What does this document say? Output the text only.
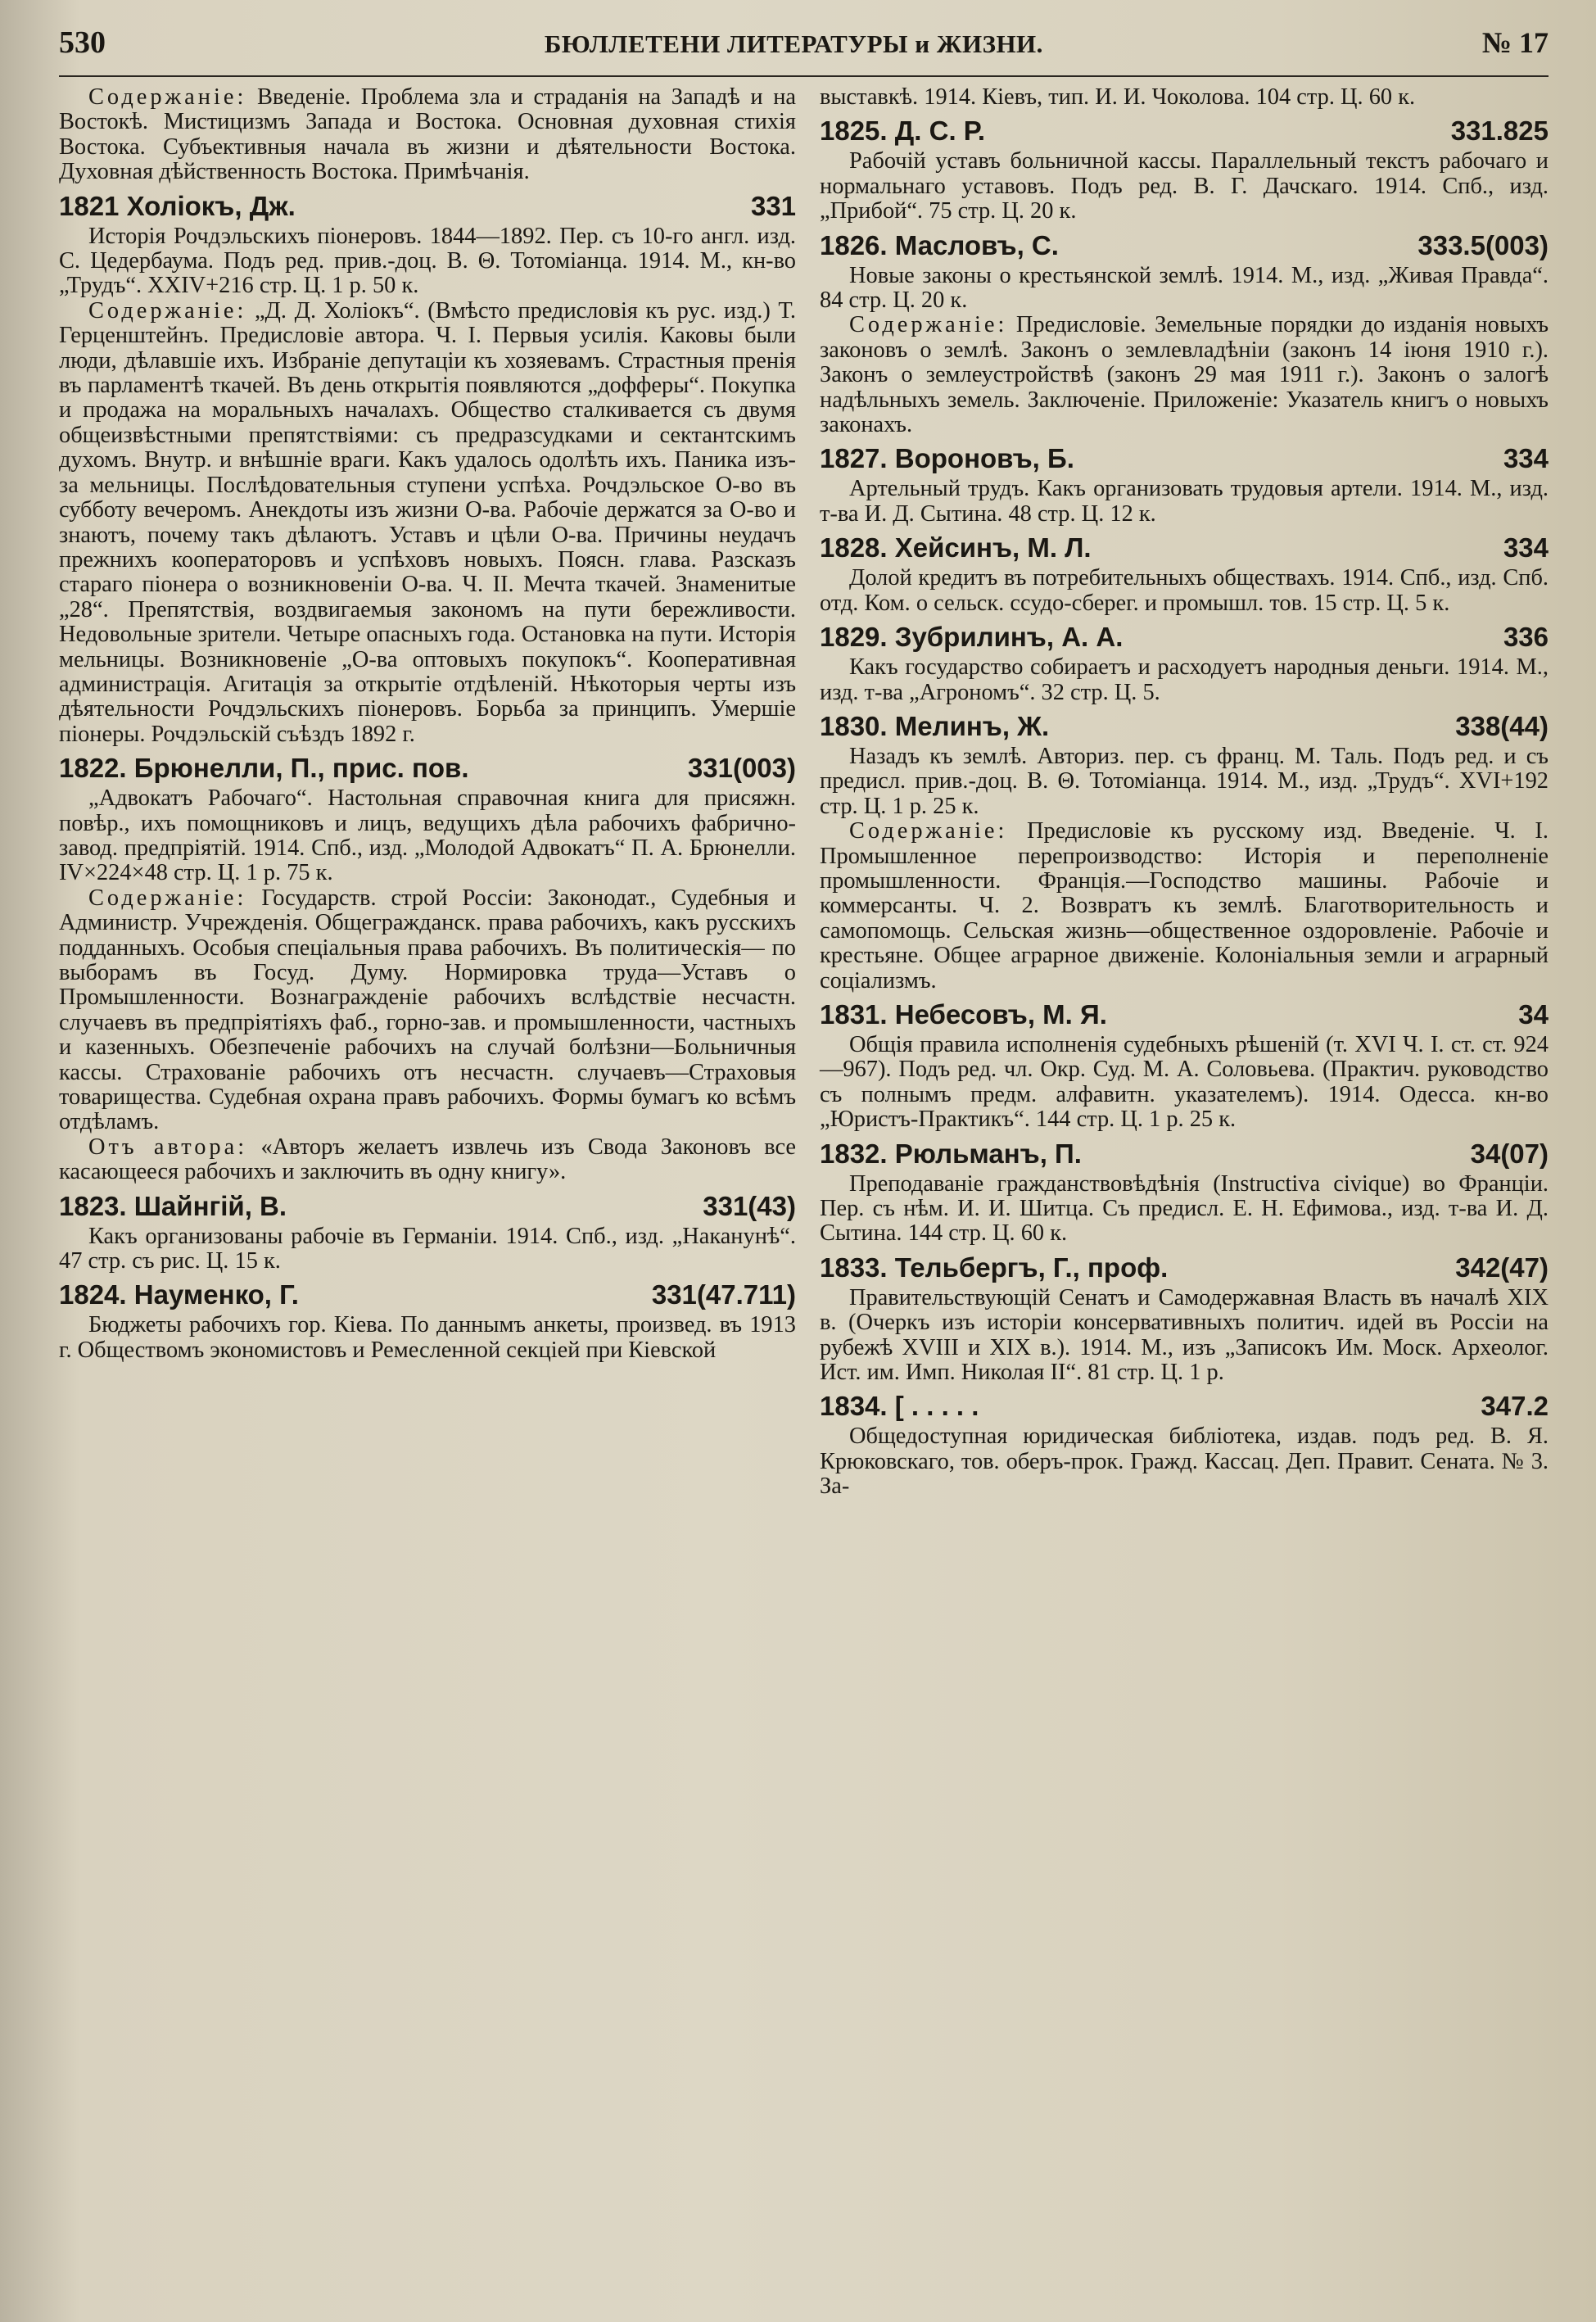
530	БЮЛЛЕТЕНИ ЛИТЕРАТУРЫ и ЖИЗНИ.	№ 17

Содержаніе: Введеніе. Проблема зла и страданія на Западѣ и на Востокѣ. Мистицизмъ Запада и Востока. Основная духовная стихія Востока. Субъективныя начала въ жизни и дѣятельности Востока. Духовная дѣйственность Востока. Примѣчанія.

1821 Холіокъ, Дж.	331

Исторія Рочдэльскихъ піонеровъ. 1844—1892. Пер. съ 10-го англ. изд. С. Цедербаума. Подъ ред. прив.-доц. В. Θ. Тотоміанца. 1914. М., кн-во „Трудъ“. XXIV+216 стр. Ц. 1 р. 50 к.

Содержаніе: „Д. Д. Холіокъ“. (Вмѣсто предисловія къ рус. изд.) Т. Герценштейнъ. Предисловіе автора. Ч. I. Первыя усилія. Каковы были люди, дѣлавшіе ихъ. Избраніе депутаціи къ хозяевамъ. Страстныя пренія въ парламентѣ ткачей. Въ день открытія появляются „дофферы“. Покупка и продажа на моральныхъ началахъ. Общество сталкивается съ двумя общеизвѣстными препятствіями: съ предразсудками и сектантскимъ духомъ. Внутр. и внѣшніе враги. Какъ удалось одолѣть ихъ. Паника изъ-за мельницы. Послѣдовательныя ступени успѣха. Рочдэльское О-во въ субботу вечеромъ. Анекдоты изъ жизни О-ва. Рабочіе держатся за О-во и знаютъ, почему такъ дѣлаютъ. Уставъ и цѣли О-ва. Причины неудачъ прежнихъ кооператоровъ и успѣховъ новыхъ. Поясн. глава. Разсказъ стараго піонера о возникновеніи О-ва. Ч. II. Мечта ткачей. Знаменитые „28“. Препятствія, воздвигаемыя закономъ на пути бережливости. Недовольные зрители. Четыре опасныхъ года. Остановка на пути. Исторія мельницы. Возникновеніе „О-ва оптовыхъ покупокъ“. Кооперативная администрація. Агитація за открытіе отдѣленій. Нѣкоторыя черты изъ дѣятельности Рочдэльскихъ піонеровъ. Борьба за принципъ. Умершіе піонеры. Рочдэльскій съѣздъ 1892 г.

1822. Брюнелли, П., прис. пов.	331(003)

„Адвокатъ Рабочаго“. Настольная справочная книга для присяжн. повѣр., ихъ помощниковъ и лицъ, ведущихъ дѣла рабочихъ фабрично-завод. предпріятій. 1914. Спб., изд. „Молодой Адвокатъ“ П. А. Брюнелли. IV×224×48 стр. Ц. 1 р. 75 к.

Содержаніе: Государств. строй Россіи: Законодат., Судебныя и Администр. Учрежденія. Общегражданск. права рабочихъ, какъ русскихъ подданныхъ. Особыя спеціальныя права рабочихъ. Въ политическія— по выборамъ въ Госуд. Думу. Нормировка труда—Уставъ о Промышленности. Вознагражденіе рабочихъ вслѣдствіе несчастн. случаевъ въ предпріятіяхъ фаб., горно-зав. и промышленности, частныхъ и казенныхъ. Обезпеченіе рабочихъ на случай болѣзни—Больничныя кассы. Страхованіе рабочихъ отъ несчастн. случаевъ—Страховыя товарищества. Судебная охрана правъ рабочихъ. Формы бумагъ ко всѣмъ отдѣламъ.

Отъ автора: «Авторъ желаетъ извлечь изъ Свода Законовъ все касающееся рабочихъ и заключить въ одну книгу».

1823. Шайнгій, В.	331(43)

Какъ организованы рабочіе въ Германіи. 1914. Спб., изд. „Наканунѣ“. 47 стр. съ рис. Ц. 15 к.

1824. Науменко, Г.	331(47.711)

Бюджеты рабочихъ гор. Кіева. По даннымъ анкеты, произвед. въ 1913 г. Обществомъ экономистовъ и Ремесленной секціей при Кіевской

выставкѣ. 1914. Кіевъ, тип. И. И. Чоколова. 104 стр. Ц. 60 к.

1825. Д. С. Р.	331.825

Рабочій уставъ больничной кассы. Параллельный текстъ рабочаго и нормальнаго уставовъ. Подъ ред. В. Г. Дачскаго. 1914. Спб., изд. „Прибой“. 75 стр. Ц. 20 к.

1826. Масловъ, С.	333.5(003)

Новые законы о крестьянской землѣ. 1914. М., изд. „Живая Правда“. 84 стр. Ц. 20 к.

Содержаніе: Предисловіе. Земельные порядки до изданія новыхъ законовъ о землѣ. Законъ о землевладѣніи (законъ 14 іюня 1910 г.). Законъ о землеустройствѣ (законъ 29 мая 1911 г.). Законъ о залогѣ надѣльныхъ земель. Заключеніе. Приложеніе: Указатель книгъ о новыхъ законахъ.

1827. Вороновъ, Б.	334

Артельный трудъ. Какъ организовать трудовыя артели. 1914. М., изд. т-ва И. Д. Сытина. 48 стр. Ц. 12 к.

1828. Хейсинъ, М. Л.	334

Долой кредитъ въ потребительныхъ обществахъ. 1914. Спб., изд. Спб. отд. Ком. о сельск. ссудо-сберег. и промышл. тов. 15 стр. Ц. 5 к.

1829. Зубрилинъ, А. А.	336

Какъ государство собираетъ и расходуетъ народныя деньги. 1914. М., изд. т-ва „Агрономъ“. 32 стр. Ц. 5.

1830. Мелинъ, Ж.	338(44)

Назадъ къ землѣ. Авториз. пер. съ франц. М. Таль. Подъ ред. и съ предисл. прив.-доц. В. Θ. Тотоміанца. 1914. М., изд. „Трудъ“. XVI+192 стр. Ц. 1 р. 25 к.

Содержаніе: Предисловіе къ русскому изд. Введеніе. Ч. I. Промышленное перепроизводство: Исторія и переполненіе промышленности. Франція.—Господство машины. Рабочіе и коммерсанты. Ч. 2. Возвратъ къ землѣ. Благотворительность и самопомощь. Сельская жизнь—общественное оздоровленіе. Рабочіе и крестьяне. Общее аграрное движеніе. Колоніальныя земли и аграрный соціализмъ.

1831. Небесовъ, М. Я.	34

Общія правила исполненія судебныхъ рѣшеній (т. XVI Ч. I. ст. ст. 924—967). Подъ ред. чл. Окр. Суд. М. А. Соловьева. (Практич. руководство съ полнымъ предм. алфавитн. указателемъ). 1914. Одесса. кн-во „Юристъ-Практикъ“. 144 стр. Ц. 1 р. 25 к.

1832. Рюльманъ, П.	34(07)

Преподаваніе гражданствовѣдѣнія (Instructiva civique) во Франціи. Пер. съ нѣм. И. И. Шитца. Съ предисл. Е. Н. Ефимова., изд. т-ва И. Д. Сытина. 144 стр. Ц. 60 к.

1833. Тельбергъ, Г., проф.	342(47)

Правительствующій Сенатъ и Самодержавная Власть въ началѣ XIX в. (Очеркъ изъ исторіи консервативныхъ политич. идей въ Россіи на рубежѣ XVIII и XIX в.). 1914. М., изъ „Записокъ Им. Моск. Археолог. Ист. им. Имп. Николая II“. 81 стр. Ц. 1 р.

1834. [ . . . . .	347.2

Общедоступная юридическая библіотека, издав. подъ ред. В. Я. Крюковскаго, тов. оберъ-прок. Гражд. Кассац. Деп. Правит. Сената. № 3. За-
